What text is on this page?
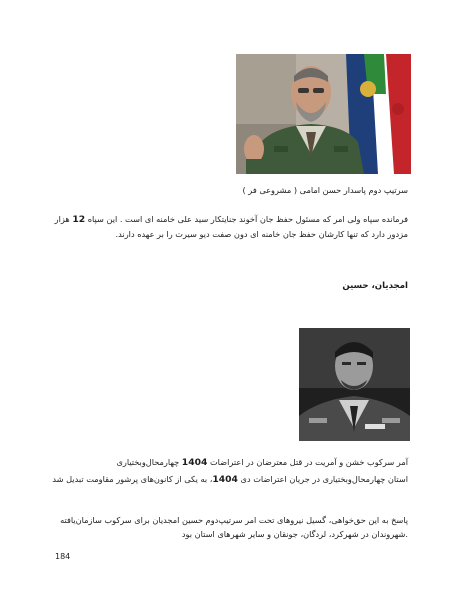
سرتیپ دوم پاسدار حسن امامی ( مشروعی فر )
فرمانده سپاه ولی امر که مسئول حفظ جان آخوند جنایتکار سید علی خامنه ای است . این سپاه 12 هزار مزدور دارد که تنها کارشان حفظ جان خامنه ای دون صفت دیو سیرت را بر عهده دارند.
امجدیان، حسین
آمر سرکوب خشن و آمریت در قتل معترضان در اعتراضات 1404 چهارمحال‌وبختیاری
استان چهارمحال‌وبختیاری در جریان اعتراضات دی 1404، به یکی از کانون‌های پرشور مقاومت تبدیل شد
پاسخ به این حق‌خواهی، گسیل نیروهای تحت امر سرتیپ‌دوم حسین امجدیان برای سرکوب سازمان‌یافته .شهروندان در شهرکرد، لردگان، جونقان و سایر شهرهای استان بود
184
